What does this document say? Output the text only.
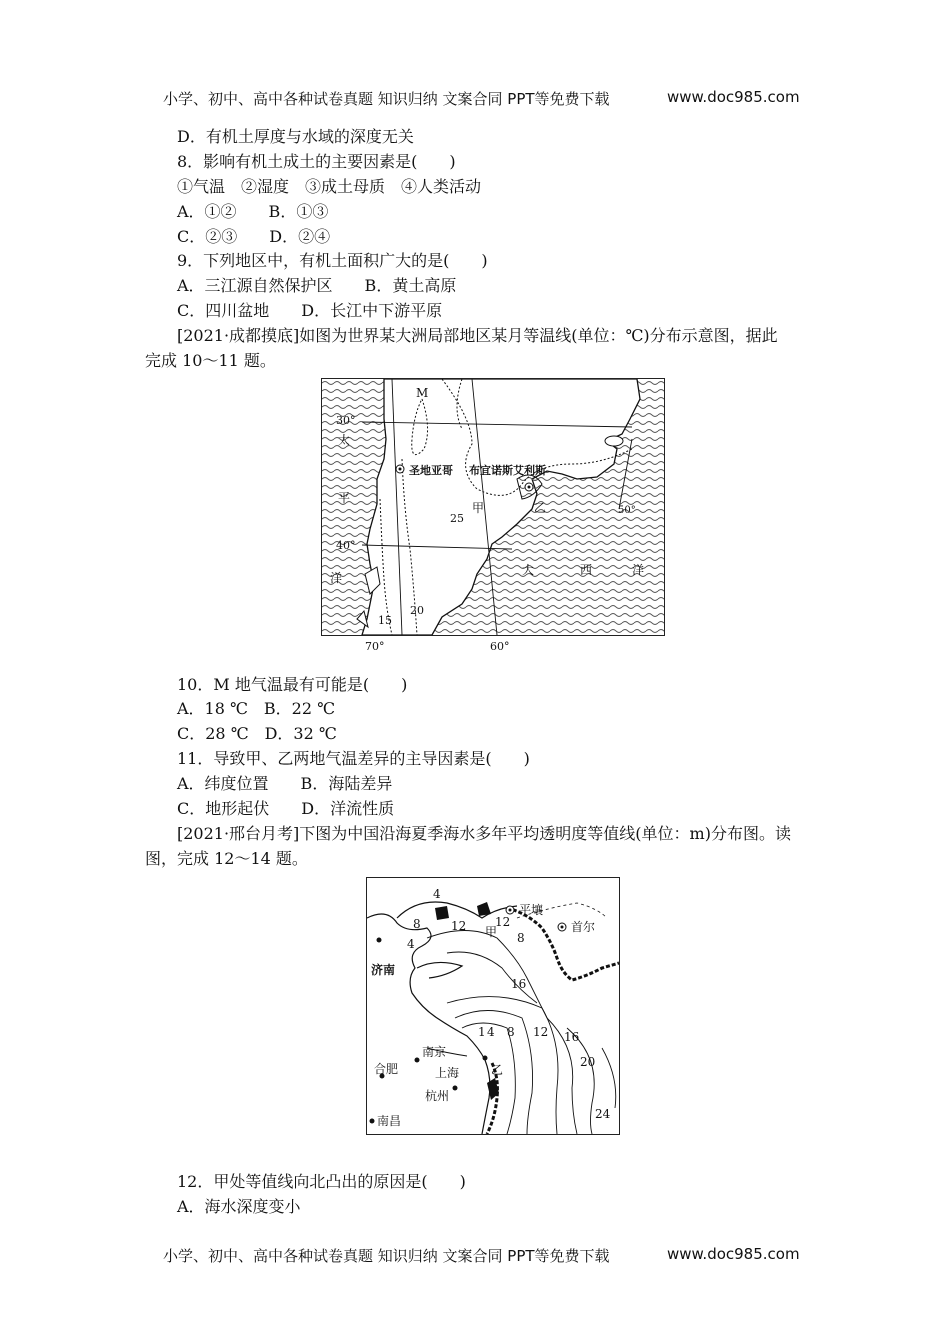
小学、初中、高中各种试卷真题 知识归纳 文案合同 PPT等免费下载	www.doc985.com
D．有机土厚度与水域的深度无关
8．影响有机土成土的主要因素是(　　)
①气温　②湿度　③成土母质　④人类活动
A．①②　　B．①③
C．②③　　D．②④
9．下列地区中，有机土面积广大的是(　　)
A．三江源自然保护区　　B．黄土高原
C．四川盆地　　D．长江中下游平原
[2021·成都摸底]如图为世界某大洲局部地区某月等温线(单位：℃)分布示意图，据此
完成 10～11 题。
30°
40°
M
圣地亚哥 布宜诺斯艾利斯
甲	乙
25
20
15
50°
太
平
洋
大	西	洋
70°	60°
10．M 地气温最有可能是(　　)
A．18 ℃　B．22 ℃
C．28 ℃　D．32 ℃
11．导致甲、乙两地气温差异的主导因素是(　　)
A．纬度位置　　B．海陆差异
C．地形起伏　　D．洋流性质
[2021·邢台月考]下图为中国沿海夏季海水多年平均透明度等值线(单位：m)分布图。读
图，完成 12～14 题。
平壤
首尔
济南
南京
上海
合肥
杭州
南昌
甲
乙
4
8
4
12 12
8
16
1 4 8 12 16
20
24
12．甲处等值线向北凸出的原因是(　　)
A．海水深度变小
小学、初中、高中各种试卷真题 知识归纳 文案合同 PPT等免费下载	www.doc985.com
